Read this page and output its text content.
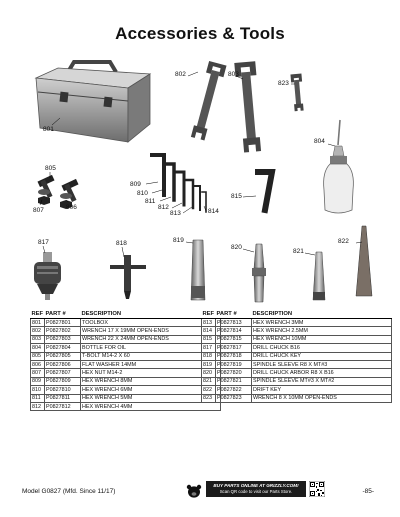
Accessories & Tools
801
802	803
823
804
805
806
807
809
810
811
812
813	814
815
817	818	819
820
821
822
REF	PART #	DESCRIPTION
801	P0827801	TOOLBOX
802	P0827802	WRENCH 17 X 19MM OPEN-ENDS
803	P0827803	WRENCH 22 X 24MM OPEN-ENDS
804	P0827804	BOTTLE FOR OIL
805	P0827805	T-BOLT M14-2 X 60
806	P0827806	FLAT WASHER 14MM
807	P0827807	HEX NUT M14-2
809	P0827809	HEX WRENCH 8MM
810	P0827810	HEX WRENCH 6MM
811	P0827811	HEX WRENCH 5MM
812	P0827812	HEX WRENCH 4MM
REF	PART #	DESCRIPTION
813	P0827813	HEX WRENCH 3MM
814	P0827814	HEX WRENCH 2.5MM
815	P0827815	HEX WRENCH 10MM
817	P0827817	DRILL CHUCK B16
818	P0827818	DRILL CHUCK KEY
819	P0827819	SPINDLE SLEEVE R8 X MT#3
820	P0827820	DRILL CHUCK ARBOR R8 X B16
821	P0827821	SPINDLE SLEEVE MT#3 X MT#2
822	P0827822	DRIFT KEY
823	P0827823	WRENCH 8 X 10MM OPEN-ENDS
Model G0827 (Mfd. Since 11/17)
BUY PARTS ONLINE AT GRIZZLY.COM!
Scan QR code to visit our Parts Store.	-85-
